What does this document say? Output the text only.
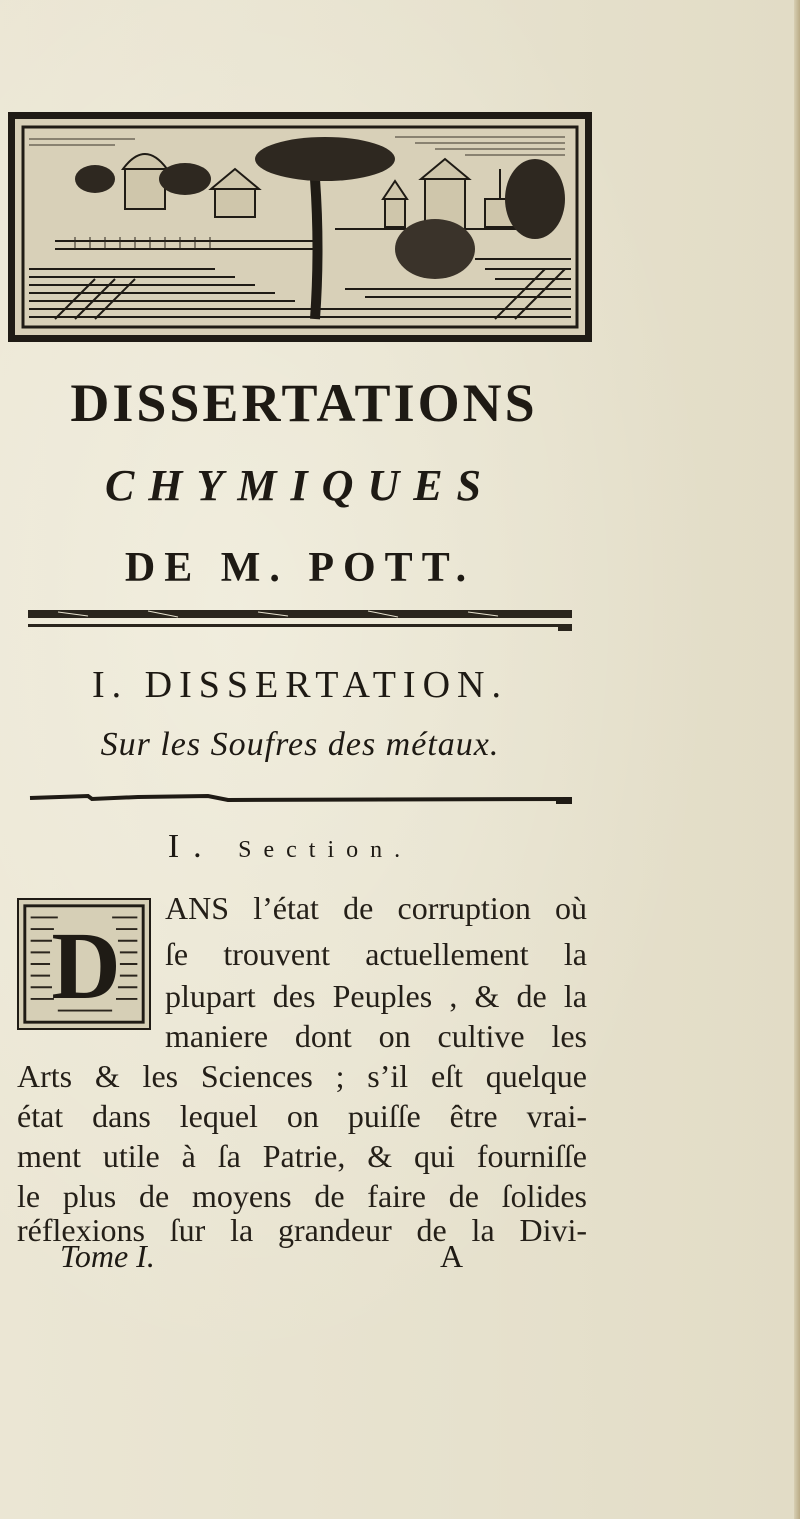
DISSERTATIONS
CHYMIQUES
DE M. POTT.
I. DISSERTATION.
Sur les Soufres des métaux.
I. Section.
D
ANS l’état de corruption où
ſe trouvent actuellement la
plupart des Peuples , & de la
maniere dont on cultive les
Arts & les Sciences ; s’il eſt quelque
état dans lequel on puiſſe être vrai-
ment utile à ſa Patrie, & qui fourniſſe
le plus de moyens de faire de ſolides
réflexions ſur la grandeur de la Divi-
Tome I.	A
